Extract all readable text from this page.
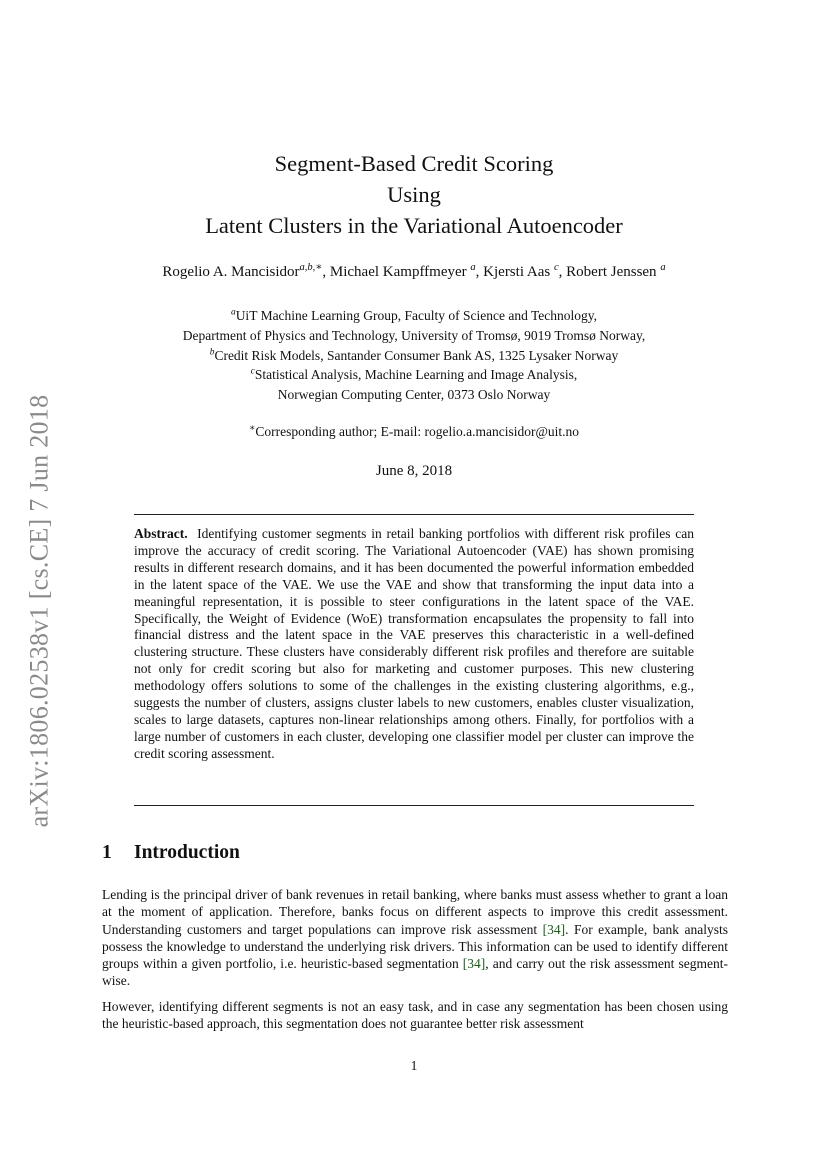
arXiv:1806.02538v1 [cs.CE] 7 Jun 2018
Segment-Based Credit Scoring
Using
Latent Clusters in the Variational Autoencoder
Rogelio A. Mancisidor$^{a,b,∗}$, Michael Kampffmeyer $^a$, Kjersti Aas $^c$, Robert Jenssen $^a$
$^a$UiT Machine Learning Group, Faculty of Science and Technology,
Department of Physics and Technology, University of Tromsø, 9019 Tromsø Norway,
$^b$Credit Risk Models, Santander Consumer Bank AS, 1325 Lysaker Norway
$^c$Statistical Analysis, Machine Learning and Image Analysis,
Norwegian Computing Center, 0373 Oslo Norway
∗Corresponding author; E-mail: rogelio.a.mancisidor@uit.no
June 8, 2018
Abstract. Identifying customer segments in retail banking portfolios with different risk profiles can improve the accuracy of credit scoring. The Variational Autoencoder (VAE) has shown promising results in different research domains, and it has been documented the powerful information embedded in the latent space of the VAE. We use the VAE and show that transforming the input data into a meaningful representation, it is possible to steer configurations in the latent space of the VAE. Specifically, the Weight of Evidence (WoE) transformation encapsulates the propensity to fall into financial distress and the latent space in the VAE preserves this characteristic in a well-defined clustering structure. These clusters have considerably different risk profiles and therefore are suitable not only for credit scoring but also for marketing and customer purposes. This new clustering methodology offers solutions to some of the challenges in the existing clustering algorithms, e.g., suggests the number of clusters, assigns cluster labels to new customers, enables cluster visualization, scales to large datasets, captures non-linear relationships among others. Finally, for portfolios with a large number of customers in each cluster, developing one classifier model per cluster can improve the credit scoring assessment.
1 Introduction

Lending is the principal driver of bank revenues in retail banking, where banks must assess whether to grant a loan at the moment of application. Therefore, banks focus on different aspects to improve this credit assessment. Understanding customers and target populations can improve risk assessment [34]. For example, bank analysts possess the knowledge to understand the underlying risk drivers. This information can be used to identify different groups within a given portfolio, i.e. heuristic-based segmentation [34], and carry out the risk assessment segment-wise.

However, identifying different segments is not an easy task, and in case any segmentation has been chosen using the heuristic-based approach, this segmentation does not guarantee better risk assessment

1
